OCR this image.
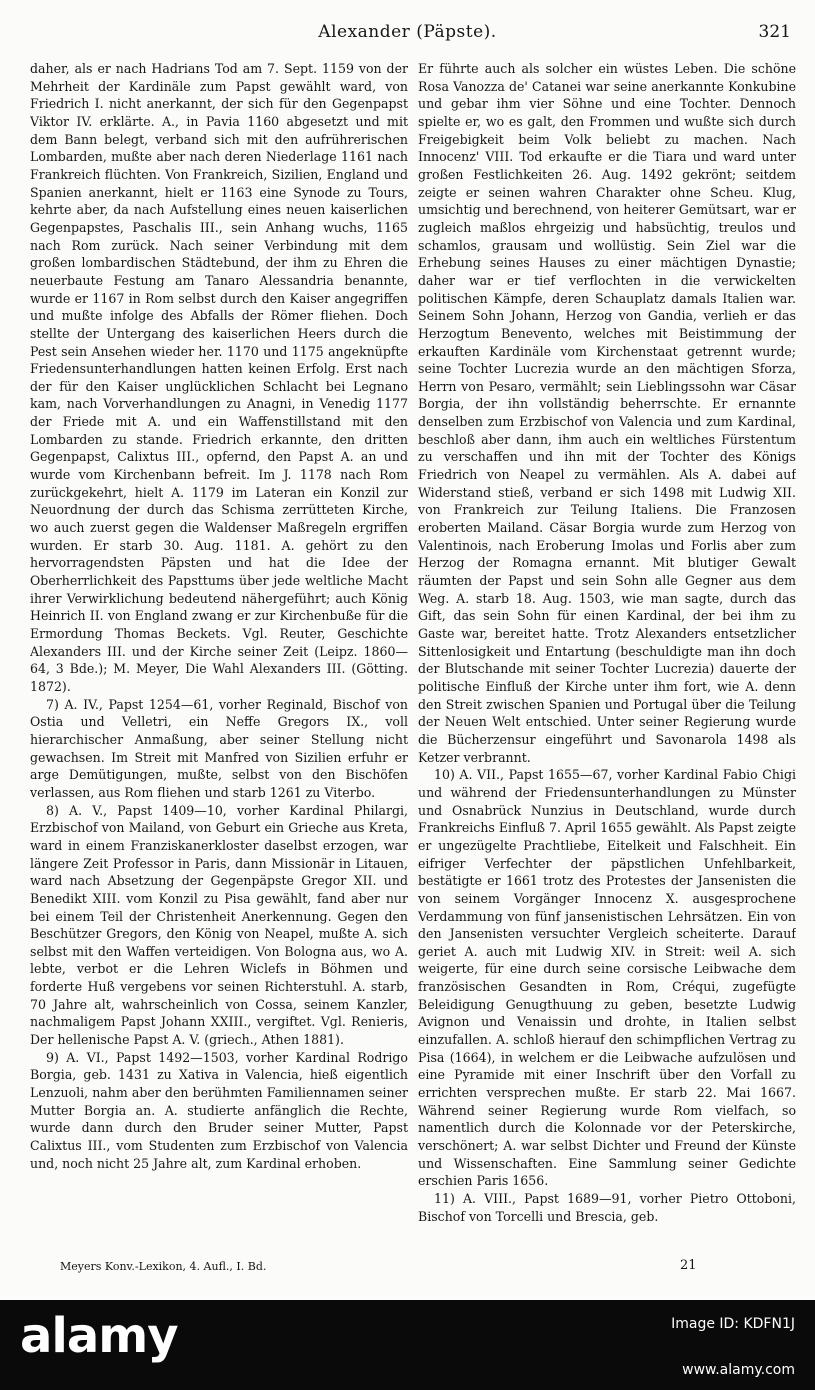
Alexander (Päpste).	321

daher, als er nach Hadrians Tod am 7. Sept. 1159 von der Mehrheit der Kardinäle zum Papst gewählt ward, von Friedrich I. nicht anerkannt, der sich für den Gegenpapst Viktor IV. erklärte. A., in Pavia 1160 abgesetzt und mit dem Bann belegt, verband sich mit den aufrührerischen Lombarden, mußte aber nach deren Niederlage 1161 nach Frankreich flüchten. Von Frankreich, Sizilien, England und Spanien anerkannt, hielt er 1163 eine Synode zu Tours, kehrte aber, da nach Aufstellung eines neuen kaiserlichen Gegenpapstes, Paschalis III., sein Anhang wuchs, 1165 nach Rom zurück. Nach seiner Verbindung mit dem großen lombardischen Städtebund, der ihm zu Ehren die neuerbaute Festung am Tanaro Alessandria benannte, wurde er 1167 in Rom selbst durch den Kaiser angegriffen und mußte infolge des Abfalls der Römer fliehen. Doch stellte der Untergang des kaiserlichen Heers durch die Pest sein Ansehen wieder her. 1170 und 1175 angeknüpfte Friedensunterhandlungen hatten keinen Erfolg. Erst nach der für den Kaiser unglücklichen Schlacht bei Legnano kam, nach Vorverhandlungen zu Anagni, in Venedig 1177 der Friede mit A. und ein Waffenstillstand mit den Lombarden zu stande. Friedrich erkannte, den dritten Gegenpapst, Calixtus III., opfernd, den Papst A. an und wurde vom Kirchenbann befreit. Im J. 1178 nach Rom zurückgekehrt, hielt A. 1179 im Lateran ein Konzil zur Neuordnung der durch das Schisma zerrütteten Kirche, wo auch zuerst gegen die Waldenser Maßregeln ergriffen wurden. Er starb 30. Aug. 1181. A. gehört zu den hervorragendsten Päpsten und hat die Idee der Oberherrlichkeit des Papsttums über jede weltliche Macht ihrer Verwirklichung bedeutend nähergeführt; auch König Heinrich II. von England zwang er zur Kirchenbuße für die Ermordung Thomas Beckets. Vgl. Reuter, Geschichte Alexanders III. und der Kirche seiner Zeit (Leipz. 1860—64, 3 Bde.); M. Meyer, Die Wahl Alexanders III. (Götting. 1872).

7) A. IV., Papst 1254—61, vorher Reginald, Bischof von Ostia und Velletri, ein Neffe Gregors IX., voll hierarchischer Anmaßung, aber seiner Stellung nicht gewachsen. Im Streit mit Manfred von Sizilien erfuhr er arge Demütigungen, mußte, selbst von den Bischöfen verlassen, aus Rom fliehen und starb 1261 zu Viterbo.

8) A. V., Papst 1409—10, vorher Kardinal Philargi, Erzbischof von Mailand, von Geburt ein Grieche aus Kreta, ward in einem Franziskanerkloster daselbst erzogen, war längere Zeit Professor in Paris, dann Missionär in Litauen, ward nach Absetzung der Gegenpäpste Gregor XII. und Benedikt XIII. vom Konzil zu Pisa gewählt, fand aber nur bei einem Teil der Christenheit Anerkennung. Gegen den Beschützer Gregors, den König von Neapel, mußte A. sich selbst mit den Waffen verteidigen. Von Bologna aus, wo A. lebte, verbot er die Lehren Wiclefs in Böhmen und forderte Huß vergebens vor seinen Richterstuhl. A. starb, 70 Jahre alt, wahrscheinlich von Cossa, seinem Kanzler, nachmaligem Papst Johann XXIII., vergiftet. Vgl. Renieris, Der hellenische Papst A. V. (griech., Athen 1881).

9) A. VI., Papst 1492—1503, vorher Kardinal Rodrigo Borgia, geb. 1431 zu Xativa in Valencia, hieß eigentlich Lenzuoli, nahm aber den berühmten Familiennamen seiner Mutter Borgia an. A. studierte anfänglich die Rechte, wurde dann durch den Bruder seiner Mutter, Papst Calixtus III., vom Studenten zum Erzbischof von Valencia und, noch nicht 25 Jahre alt, zum Kardinal erhoben.

Er führte auch als solcher ein wüstes Leben. Die schöne Rosa Vanozza de' Catanei war seine anerkannte Konkubine und gebar ihm vier Söhne und eine Tochter. Dennoch spielte er, wo es galt, den Frommen und wußte sich durch Freigebigkeit beim Volk beliebt zu machen. Nach Innocenz' VIII. Tod erkaufte er die Tiara und ward unter großen Festlichkeiten 26. Aug. 1492 gekrönt; seitdem zeigte er seinen wahren Charakter ohne Scheu. Klug, umsichtig und berechnend, von heiterer Gemütsart, war er zugleich maßlos ehrgeizig und habsüchtig, treulos und schamlos, grausam und wollüstig. Sein Ziel war die Erhebung seines Hauses zu einer mächtigen Dynastie; daher war er tief verflochten in die verwickelten politischen Kämpfe, deren Schauplatz damals Italien war. Seinem Sohn Johann, Herzog von Gandia, verlieh er das Herzogtum Benevento, welches mit Beistimmung der erkauften Kardinäle vom Kirchenstaat getrennt wurde; seine Tochter Lucrezia wurde an den mächtigen Sforza, Herrn von Pesaro, vermählt; sein Lieblingssohn war Cäsar Borgia, der ihn vollständig beherrschte. Er ernannte denselben zum Erzbischof von Valencia und zum Kardinal, beschloß aber dann, ihm auch ein weltliches Fürstentum zu verschaffen und ihn mit der Tochter des Königs Friedrich von Neapel zu vermählen. Als A. dabei auf Widerstand stieß, verband er sich 1498 mit Ludwig XII. von Frankreich zur Teilung Italiens. Die Franzosen eroberten Mailand. Cäsar Borgia wurde zum Herzog von Valentinois, nach Eroberung Imolas und Forlis aber zum Herzog der Romagna ernannt. Mit blutiger Gewalt räumten der Papst und sein Sohn alle Gegner aus dem Weg. A. starb 18. Aug. 1503, wie man sagte, durch das Gift, das sein Sohn für einen Kardinal, der bei ihm zu Gaste war, bereitet hatte. Trotz Alexanders entsetzlicher Sittenlosigkeit und Entartung (beschuldigte man ihn doch der Blutschande mit seiner Tochter Lucrezia) dauerte der politische Einfluß der Kirche unter ihm fort, wie A. denn den Streit zwischen Spanien und Portugal über die Teilung der Neuen Welt entschied. Unter seiner Regierung wurde die Bücherzensur eingeführt und Savonarola 1498 als Ketzer verbrannt.

10) A. VII., Papst 1655—67, vorher Kardinal Fabio Chigi und während der Friedensunterhandlungen zu Münster und Osnabrück Nunzius in Deutschland, wurde durch Frankreichs Einfluß 7. April 1655 gewählt. Als Papst zeigte er ungezügelte Prachtliebe, Eitelkeit und Falschheit. Ein eifriger Verfechter der päpstlichen Unfehlbarkeit, bestätigte er 1661 trotz des Protestes der Jansenisten die von seinem Vorgänger Innocenz X. ausgesprochene Verdammung von fünf jansenistischen Lehrsätzen. Ein von den Jansenisten versuchter Vergleich scheiterte. Darauf geriet A. auch mit Ludwig XIV. in Streit: weil A. sich weigerte, für eine durch seine corsische Leibwache dem französischen Gesandten in Rom, Créqui, zugefügte Beleidigung Genugthuung zu geben, besetzte Ludwig Avignon und Venaissin und drohte, in Italien selbst einzufallen. A. schloß hierauf den schimpflichen Vertrag zu Pisa (1664), in welchem er die Leibwache aufzulösen und eine Pyramide mit einer Inschrift über den Vorfall zu errichten versprechen mußte. Er starb 22. Mai 1667. Während seiner Regierung wurde Rom vielfach, so namentlich durch die Kolonnade vor der Peterskirche, verschönert; A. war selbst Dichter und Freund der Künste und Wissenschaften. Eine Sammlung seiner Gedichte erschien Paris 1656.

11) A. VIII., Papst 1689—91, vorher Pietro Ottoboni, Bischof von Torcelli und Brescia, geb.

Meyers Konv.-Lexikon, 4. Aufl., I. Bd.	21
alamy	Image ID: KDFN1J
www.alamy.com
